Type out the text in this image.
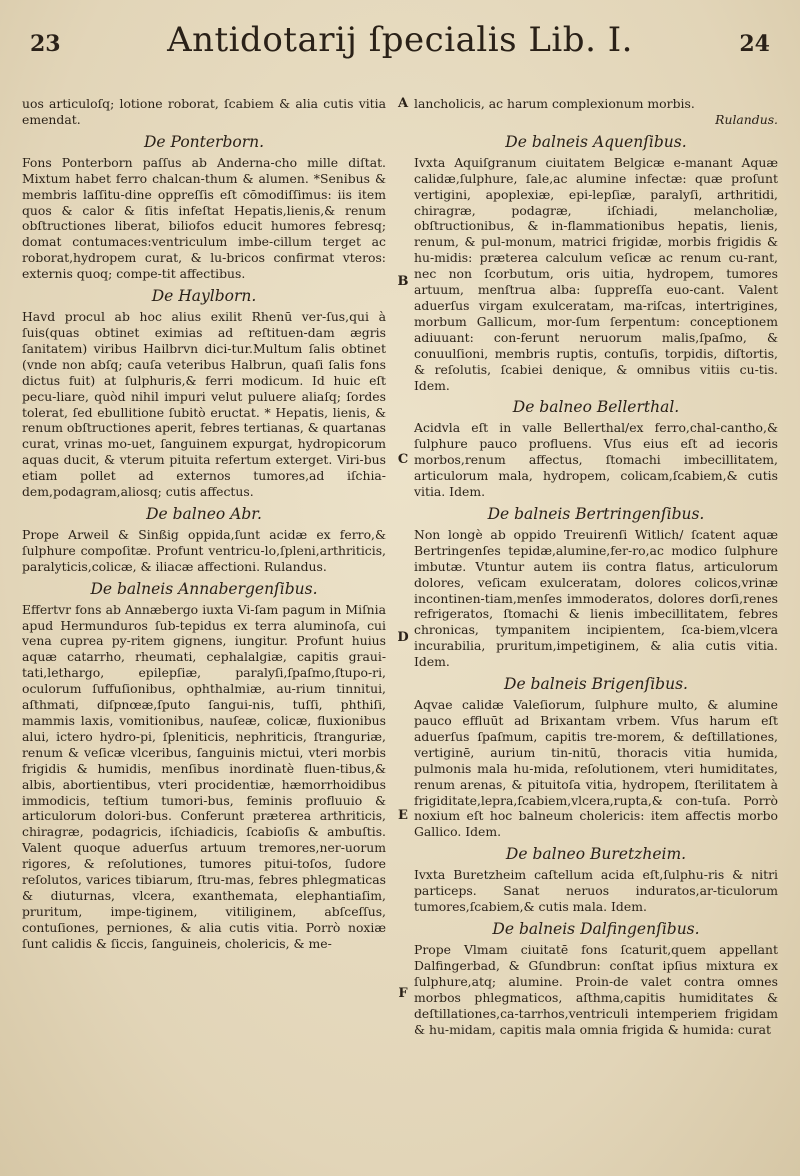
23	Antidotarij ſpecialis Lib. I.	24

uos articuloſq; lotione roborat, ſcabiem & alia cutis vitia emendat.

De Ponterborn.

Fons Ponterborn paſſus ab Anderna-cho mille diſtat. Mixtum habet ferro chalcan-thum & alumen. *Senibus & membris laſſitu-dine oppreſſis eſt cōmodiſſimus: iis item quos & calor & ſitis infeſtat Hepatis,lienis,& renum obſtructiones liberat, biliofos educit humores febresq; domat contumaces:ventriculum imbe-cillum terget ac roborat,hydropem curat, & lu-bricos confirmat vteros: externis quoq; compe-tit affectibus.

De Haylborn.

Havd procul ab hoc alius exilit Rhenū ver-ſus,qui à ſuis(quas obtinet eximias ad reſtituen-dam ægris ſanitatem) viribus Hailbrvn dici-tur.Multum ſalis obtinet (vnde non abſq; cauſa veteribus Halbrun, quaſi ſalis fons dictus fuit) at ſulphuris,& ferri modicum. Id huic eſt pecu-liare, quòd nihil impuri velut puluere aliaſq; ſordes tolerat, ſed ebullitione ſubitò eructat. * Hepatis, lienis, & renum obſtructiones aperit, febres tertianas, & quartanas curat, vrinas mo-uet, ſanguinem expurgat, hydropicorum aquas ducit, & vterum pituita refertum exterget. Viri-bus etiam pollet ad externos tumores,ad iſchia-dem,podagram,aliosq; cutis affectus.

De balneo Abr.

Prope Arweil & Sinßig oppida,ſunt acidæ ex ferro,& ſulphure compoſitæ. Profunt ventricu-lo,ſpleni,arthriticis, paralyticis,colicæ, & iliacæ affectioni. Rulandus.

De balneis Annabergenſibus.

Effertvr fons ab Annæbergo iuxta Vi-ſam pagum in Miſnia apud Hermunduros ſub-tepidus ex terra aluminoſa, cui vena cuprea py-ritem gignens, iungitur. Profunt huius aquæ catarrho, rheumati, cephalalgiæ, capitis graui-tati,lethargo, epilepſiæ, paralyſi,ſpaſmo,ſtupo-ri, oculorum ſuffuſionibus, ophthalmiæ, au-rium tinnitui, aſthmati, diſpnœæ,ſputo ſangui-nis, tuſſi, phthiſi, mammis laxis, vomitionibus, nauſeæ, colicæ, fluxionibus alui, ictero hydro-pi, ſpleniticis, nephriticis, ſtranguriæ, renum & veſicæ vlceribus, ſanguinis mictui, vteri morbis frigidis & humidis, menſibus inordinatè fluen-tibus,& albis, abortientibus, vteri procidentiæ, hæmorrhoidibus immodicis, teſtium tumori-bus, feminis profluuio & articulorum dolori-bus. Conferunt præterea arthriticis, chiragræ, podagricis, iſchiadicis, ſcabioſis & ambuſtis. Valent quoque aduerſus artuum tremores,ner-uorum rigores, & reſolutiones, tumores pitui-toſos, ſudore reſolutos, varices tibiarum, ſtru-mas, febres phlegmaticas & diuturnas, vlcera, exanthemata, elephantiaſim, pruritum, impe-tiginem, vitiliginem, abſceſſus, contuſiones, perniones, & alia cutis vitia. Porrò noxiæ ſunt calidis & ſiccis, ſanguineis, cholericis, & me-

lancholicis, ac harum complexionum morbis.

Rulandus.

De balneis Aquenſibus.

Ivxta Aquiſgranum ciuitatem Belgicæ e-manant Aquæ calidæ,ſulphure, ſale,ac alumine infectæ: quæ proſunt vertigini, apoplexiæ, epi-lepſiæ, paralyſi, arthritidi, chiragræ, podagræ, iſchiadi, melancholiæ, obſtructionibus, & in-flammationibus hepatis, lienis, renum, & pul-monum, matrici frigidæ, morbis frigidis & hu-midis: præterea calculum veſicæ ac renum cu-rant, nec non ſcorbutum, oris uitia, hydropem, tumores artuum, menſtrua alba: ſuppreſſa euo-cant. Valent aduerſus virgam exulceratam, ma-riſcas, intertrigines, morbum Gallicum, mor-ſum ſerpentum: conceptionem adiuuant: con-ferunt neruorum malis,ſpaſmo, & conuulſioni, membris ruptis, contuſis, torpidis, diſtortis, & reſolutis, ſcabiei denique, & omnibus vitiis cu-tis. Idem.

De balneo Bellerthal.

Acidvla eſt in valle Bellerthal/ex ferro,chal-cantho,& ſulphure pauco profluens. Vſus eius eſt ad iecoris morbos,renum affectus, ſtomachi imbecillitatem, articulorum mala, hydropem, colicam,ſcabiem,& cutis vitia. Idem.

De balneis Bertringenſibus.

Non longè ab oppido Treuirenſi Witlich/ ſcatent aquæ Bertringenſes tepidæ,alumine,fer-ro,ac modico ſulphure imbutæ. Vtuntur autem iis contra flatus, articulorum dolores, veſicam exulceratam, dolores colicos,vrinæ incontinen-tiam,menſes immoderatos, dolores dorſi,renes refrigeratos, ſtomachi & lienis imbecillitatem, febres chronicas, tympanitem incipientem, ſca-biem,vlcera incurabilia, pruritum,impetiginem, & alia cutis vitia. Idem.

De balneis Brigenſibus.

Aqvae calidæ Valeſiorum, ſulphure multo, & alumine pauco effluūt ad Brixantam vrbem. Vſus harum eſt aduerſus ſpaſmum, capitis tre-morem, & deſtillationes, vertiginē, aurium tin-nitū, thoracis vitia humida, pulmonis mala hu-mida, reſolutionem, vteri humiditates, renum arenas, & pituitoſa vitia, hydropem, ſterilitatem à frigiditate,lepra,ſcabiem,vlcera,rupta,& con-tuſa. Porrò noxium eſt hoc balneum cholericis: item affectis morbo Gallico. Idem.

De balneo Buretzheim.

Ivxta Buretzheim caſtellum acida eſt,ſulphu-ris & nitri particeps. Sanat neruos induratos,ar-ticulorum tumores,ſcabiem,& cutis mala. Idem.

De balneis Dalfingenſibus.

Prope Vlmam ciuitatē fons ſcaturit,quem appellant Dalfingerbad, & Gſundbrun: conſtat ipſius mixtura ex ſulphure,atq; alumine. Proin-de valet contra omnes morbos phlegmaticos, aſthma,capitis humiditates & deſtillationes,ca-tarrhos,ventriculi intemperiem frigidam & hu-midam, capitis mala omnia frigida & humida: curat

A
B
C
D
E
F
